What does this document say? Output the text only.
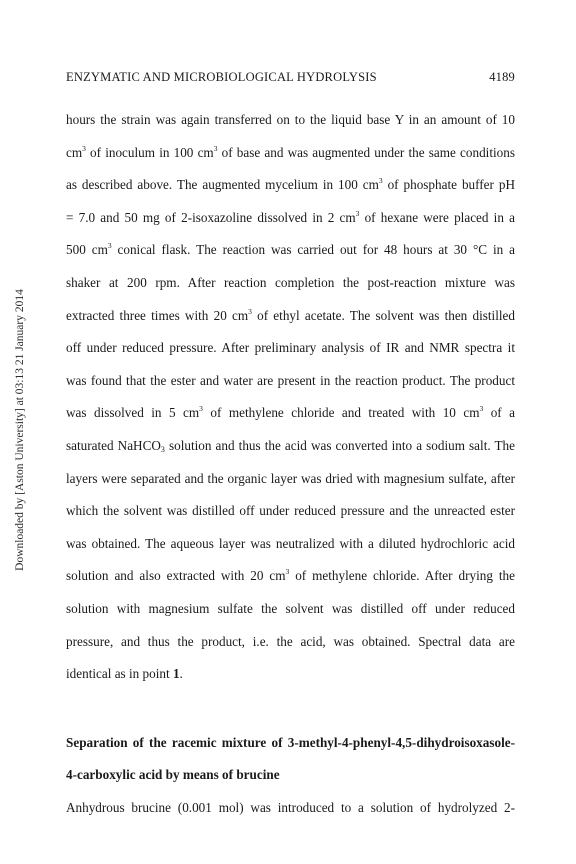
ENZYMATIC AND MICROBIOLOGICAL HYDROLYSIS	4189
Downloaded by [Aston University] at 03:13 21 January 2014
hours the strain was again transferred on to the liquid base Y in an amount of 10
$cm^3$ of inoculum in 100 $cm^3$ of base and was augmented under the same conditions
as described above. The augmented mycelium in 100 $cm^3$ of phosphate buffer pH
= 7.0 and 50 mg of 2-isoxazoline dissolved in 2 $cm^3$ of hexane were placed in a
500 $cm^3$ conical flask. The reaction was carried out for 48 hours at 30 °C in a
shaker at 200 rpm. After reaction completion the post-reaction mixture was
extracted three times with 20 $cm^3$ of ethyl acetate. The solvent was then distilled
off under reduced pressure. After preliminary analysis of IR and NMR spectra it
was found that the ester and water are present in the reaction product. The product
was dissolved in 5 $cm^3$ of methylene chloride and treated with 10 $cm^3$ of a
saturated NaHCO$_3$ solution and thus the acid was converted into a sodium salt. The
layers were separated and the organic layer was dried with magnesium sulfate, after
which the solvent was distilled off under reduced pressure and the unreacted ester
was obtained. The aqueous layer was neutralized with a diluted hydrochloric acid
solution and also extracted with 20 $cm^3$ of methylene chloride. After drying the
solution with magnesium sulfate the solvent was distilled off under reduced
pressure, and thus the product, i.e. the acid, was obtained. Spectral data are
identical as in point 1.
Separation of the racemic mixture of 3-methyl-4-phenyl-4,5-dihydroisoxasole-
4-carboxylic acid by means of brucine
Anhydrous brucine (0.001 mol) was introduced to a solution of hydrolyzed 2-
